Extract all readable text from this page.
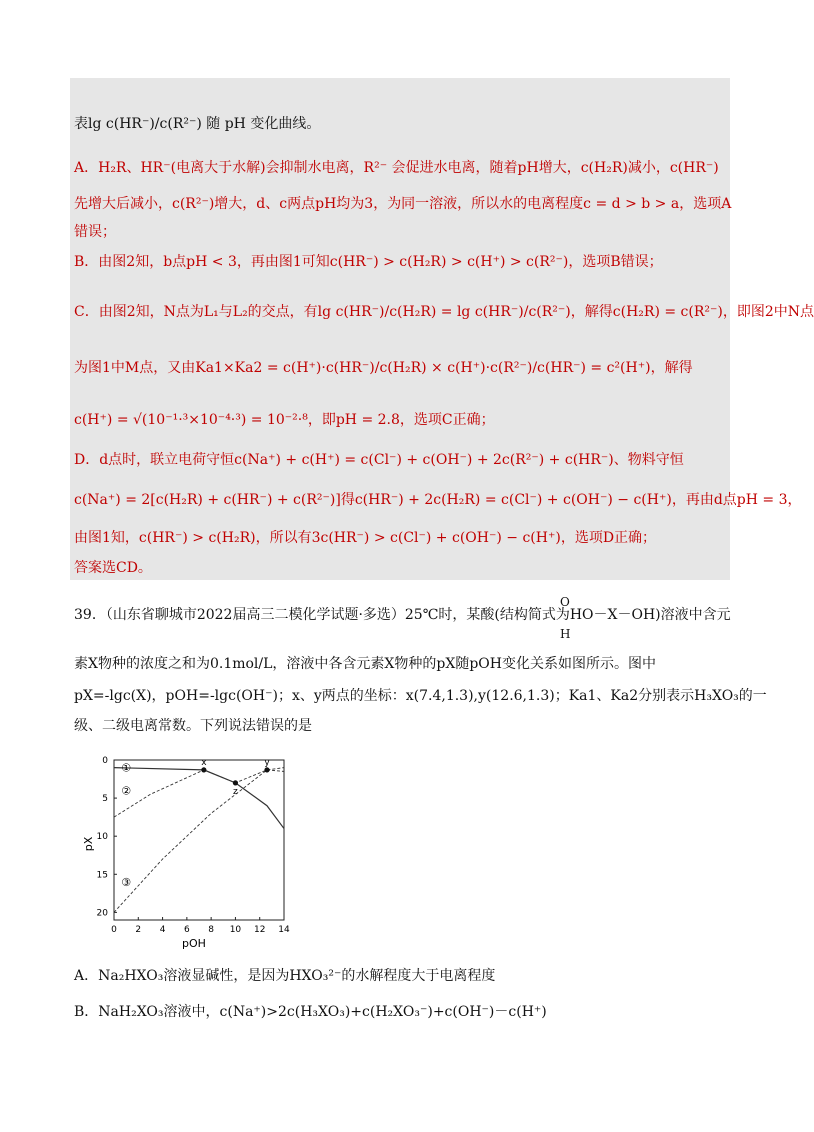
表lg c(HR⁻)/c(R²⁻) 随 pH 变化曲线。
A．H₂R、HR⁻(电离大于水解)会抑制水电离，R²⁻ 会促进水电离，随着pH增大，c(H₂R)减小，c(HR⁻)
先增大后减小，c(R²⁻)增大，d、c两点pH均为3，为同一溶液，所以水的电离程度c = d > b > a，选项A
错误；
B．由图2知，b点pH < 3，再由图1可知c(HR⁻) > c(H₂R) > c(H⁺) > c(R²⁻)，选项B错误；
C．由图2知，N点为L₁与L₂的交点，有lg c(HR⁻)/c(H₂R) = lg c(HR⁻)/c(R²⁻)，解得c(H₂R) = c(R²⁻)，即图2中N点
为图1中M点，又由Ka1×Ka2 = c(H⁺)·c(HR⁻)/c(H₂R) × c(H⁺)·c(R²⁻)/c(HR⁻) = c²(H⁺)，解得
c(H⁺) = √(10⁻¹·³×10⁻⁴·³) = 10⁻²·⁸，即pH = 2.8，选项C正确；
D．d点时，联立电荷守恒c(Na⁺) + c(H⁺) = c(Cl⁻) + c(OH⁻) + 2c(R²⁻) + c(HR⁻)、物料守恒
c(Na⁺) = 2[c(H₂R) + c(HR⁻) + c(R²⁻)]得c(HR⁻) + 2c(H₂R) = c(Cl⁻) + c(OH⁻) − c(H⁺)，再由d点pH = 3，
由图1知，c(HR⁻) > c(H₂R)，所以有3c(HR⁻) > c(Cl⁻) + c(OH⁻) − c(H⁺)，选项D正确；
答案选CD。
O
39．（山东省聊城市2022届高三二模化学试题·多选）25℃时，某酸(结构简式为HO－X－OH)溶液中含元
H
素X物种的浓度之和为0.1mol/L，溶液中各含元素X物种的pX随pOH变化关系如图所示。图中
pX=-lgc(X)，pOH=-lgc(OH⁻)；x、y两点的坐标：x(7.4,1.3),y(12.6,1.3)；Ka1、Ka2分别表示H₃XO₃的一
级、二级电离常数。下列说法错误的是
0 2 4 6 8 10 12 14
0
5
10
15
20
①
②
③
x	y
z
pOH
pX
A．Na₂HXO₃溶液显碱性，是因为HXO₃²⁻的水解程度大于电离程度
B．NaH₂XO₃溶液中，c(Na⁺)>2c(H₃XO₃)+c(H₂XO₃⁻)+c(OH⁻)－c(H⁺)
